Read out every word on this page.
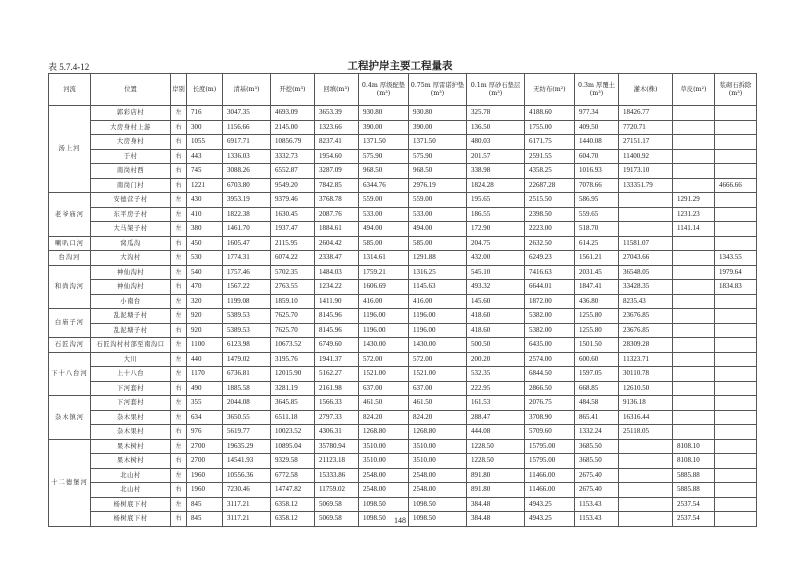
表 5.7.4-12	工程护岸主要工程量表
河流	位置	岸别	长度(m)	清基(m³)	开挖(m³)	回填(m³)	0.4m 厚级配垫(m³)	0.75m 厚雷诺护垫(m³)	0.1m 厚砂石垫层(m³)	无纺布(m²)	0.3m 厚覆土(m³)	灌木(株)	草皮(m²)	浆砌石拆除(m³)
汤上河	郭彩店村	左	716	3047.35	4693.09	3653.39	930.80	930.80	325.78	4188.60	977.34	18426.77		
	大房身村上游	右	300	1156.66	2145.00	1323.66	390.00	390.00	136.50	1755.00	409.50	7720.71		
	大房身村	右	1055	6917.71	10856.79	8237.41	1371.50	1371.50	480.03	6171.75	1440.08	27151.17		
	于村	右	443	1336.03	3332.73	1954.60	575.90	575.90	201.57	2591.55	604.70	11400.92		
	南岗村西	右	745	3088.26	6552.87	3287.09	968.50	968.50	338.98	4358.25	1016.93	19173.10		
	南岗门村	右	1221	6703.80	9549.20	7842.85	6344.76	2976.19	1824.28	22687.28	7078.66	133351.79		4666.66
老爷庙河	安德营子村	左	430	3953.19	9379.46	3768.78	559.00	559.00	195.65	2515.50	586.95		1291.29	
	东平房子村	左	410	1822.38	1630.45	2087.76	533.00	533.00	186.55	2398.50	559.65		1231.23	
	大马架子村	左	380	1461.70	1937.47	1884.61	494.00	494.00	172.90	2223.00	518.70		1141.14	
喇叭口河	窝瓜沟	右	450	1605.47	2115.95	2604.42	585.00	585.00	204.75	2632.50	614.25	11581.07		
台沟河	大沟村	左	530	1774.31	6074.22	2338.47	1314.61	1291.88	432.00	6249.23	1561.21	27043.66		1343.55
和尚沟河	神仙沟村	左	540	1757.46	5702.35	1484.03	1759.21	1316.25	545.10	7416.63	2031.45	36548.05		1979.64
	神仙沟村	右	470	1567.22	2763.55	1234.22	1606.69	1145.63	493.32	6644.01	1847.41	33428.35		1834.83
	小南台	左	320	1199.08	1859.10	1411.90	416.00	416.00	145.60	1872.00	436.80	8235.43		
白庙子河	乱泥塘子村	左	920	5389.53	7625.70	8145.96	1196.00	1196.00	418.60	5382.00	1255.80	23676.85		
	乱泥塘子村	右	920	5389.53	7625.70	8145.96	1196.00	1196.00	418.60	5382.00	1255.80	23676.85		
石匠沟河	石匠沟村村部至南沟口	左	1100	6123.98	10673.52	6749.60	1430.00	1430.00	500.50	6435.00	1501.50	28309.28		
下十八台河	大川	左	440	1479.02	3195.76	1941.37	572.00	572.00	200.20	2574.00	600.60	11323.71		
	上十八台	左	1170	6736.81	12015.90	5162.27	1521.00	1521.00	532.35	6844.50	1597.05	30110.78		
	下河套村	右	490	1885.58	3281.19	2161.98	637.00	637.00	222.95	2866.50	668.85	12610.50		
杂木镇河	下河套村	左	355	2044.08	3645.85	1566.33	461.50	461.50	161.53	2076.75	484.58	9136.18		
	杂木果村	左	634	3650.55	6511.18	2797.33	824.20	824.20	288.47	3708.90	865.41	16316.44		
	杂木果村	右	976	5619.77	10023.52	4306.31	1268.80	1268.80	444.08	5709.60	1332.24	25118.05		
十二德堡河	果木树村	左	2700	19635.29	10895.04	35780.94	3510.00	3510.00	1228.50	15795.00	3685.50		8108.10	
	果木树村	右	2700	14541.93	9329.58	21123.18	3510.00	3510.00	1228.50	15795.00	3685.50		8108.10	
	北山村	左	1960	10556.36	6772.58	15333.86	2548.00	2548.00	891.80	11466.00	2675.40		5885.88	
	北山村	右	1960	7230.46	14747.82	11759.02	2548.00	2548.00	891.80	11466.00	2675.40		5885.88	
	杨树底下村	左	845	3117.21	6358.12	5069.58	1098.50	1098.50	384.48	4943.25	1153.43		2537.54	
	杨树底下村	右	845	3117.21	6358.12	5069.58	1098.50	1098.50	384.48	4943.25	1153.43		2537.54	
148
